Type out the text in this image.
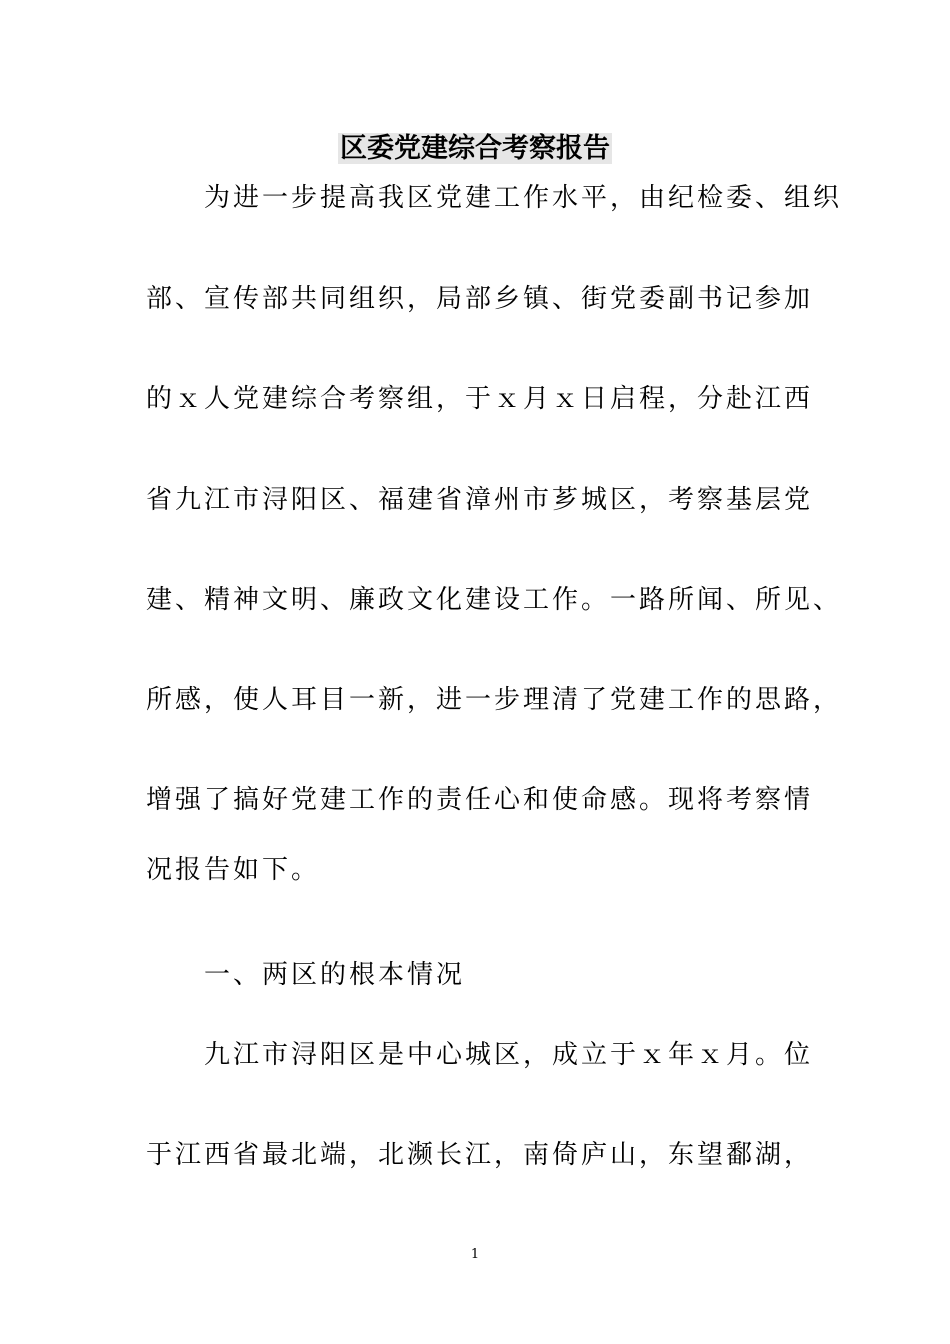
区委党建综合考察报告
　　为进一步提高我区党建工作水平，由纪检委、组织
部、宣传部共同组织，局部乡镇、街党委副书记参加
的ｘ人党建综合考察组，于ｘ月ｘ日启程，分赴江西
省九江市浔阳区、福建省漳州市芗城区，考察基层党
建、精神文明、廉政文化建设工作。一路所闻、所见、
所感，使人耳目一新，进一步理清了党建工作的思路，
增强了搞好党建工作的责任心和使命感。现将考察情
况报告如下。
　　一、两区的根本情况
　　九江市浔阳区是中心城区，成立于ｘ年ｘ月。位
于江西省最北端，北濒长江，南倚庐山，东望鄱湖，
1
